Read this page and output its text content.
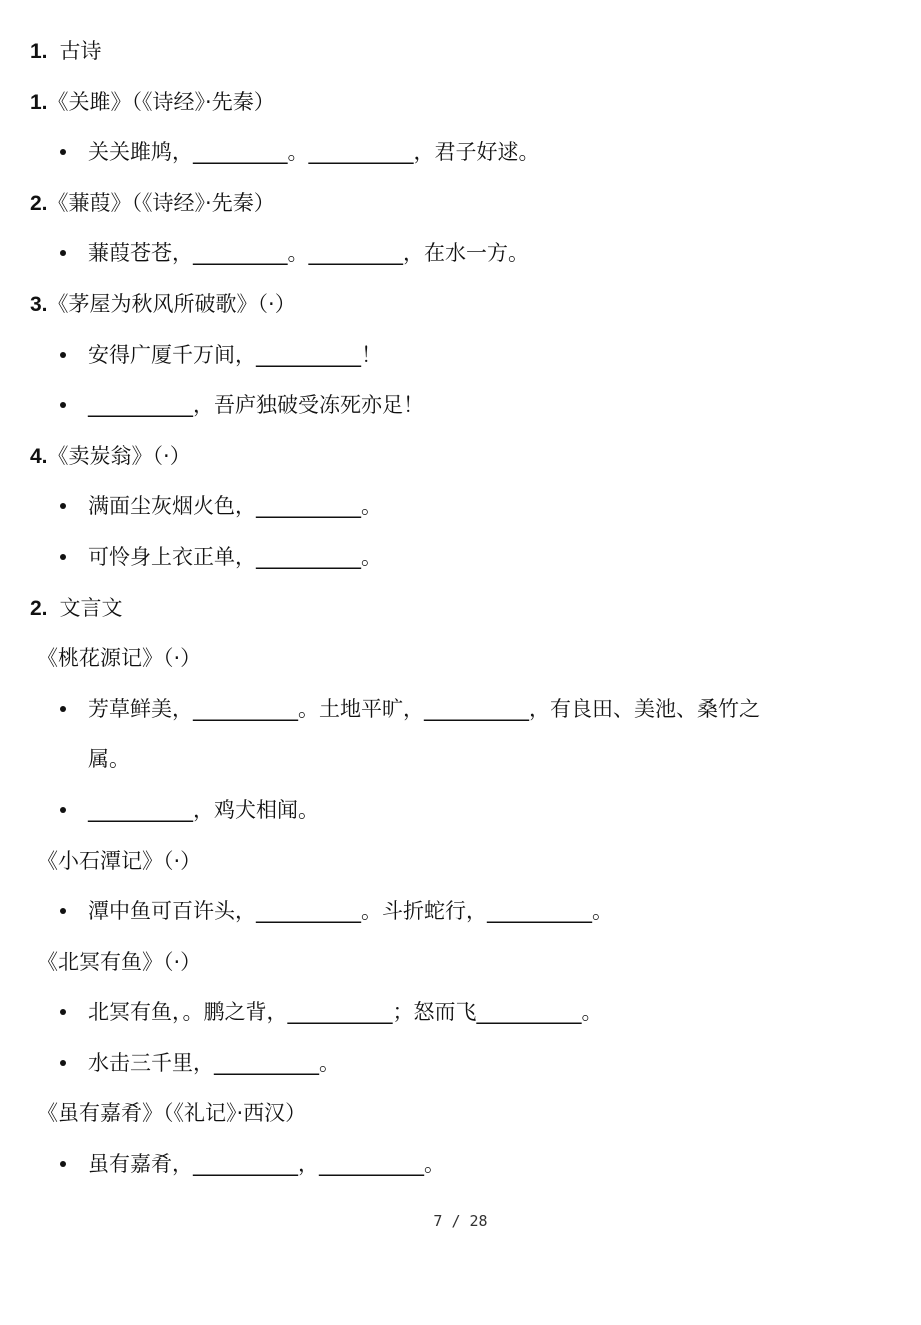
1. 古诗
1.《关雎》（《诗经》·先秦）
关关雎鸠，_________。__________，君子好逑。
2.《蒹葭》（《诗经》·先秦）
蒹葭苍苍，_________。_________，在水一方。
3.《茅屋为秋风所破歌》（·）
安得广厦千万间，__________！
__________，吾庐独破受冻死亦足！
4.《卖炭翁》（·）
满面尘灰烟火色，__________。
可怜身上衣正单，__________。
2. 文言文
《桃花源记》（·）
芳草鲜美，__________。土地平旷，__________，有良田、美池、桑竹之
属。
__________，鸡犬相闻。
《小石潭记》（·）
潭中鱼可百许头，__________。斗折蛇行，__________。
《北冥有鱼》（·）
北冥有鱼，。鹏之背，__________；怒而飞__________。
水击三千里，__________。
《虽有嘉肴》（《礼记》·西汉）
虽有嘉肴，__________，__________。
7 / 28
